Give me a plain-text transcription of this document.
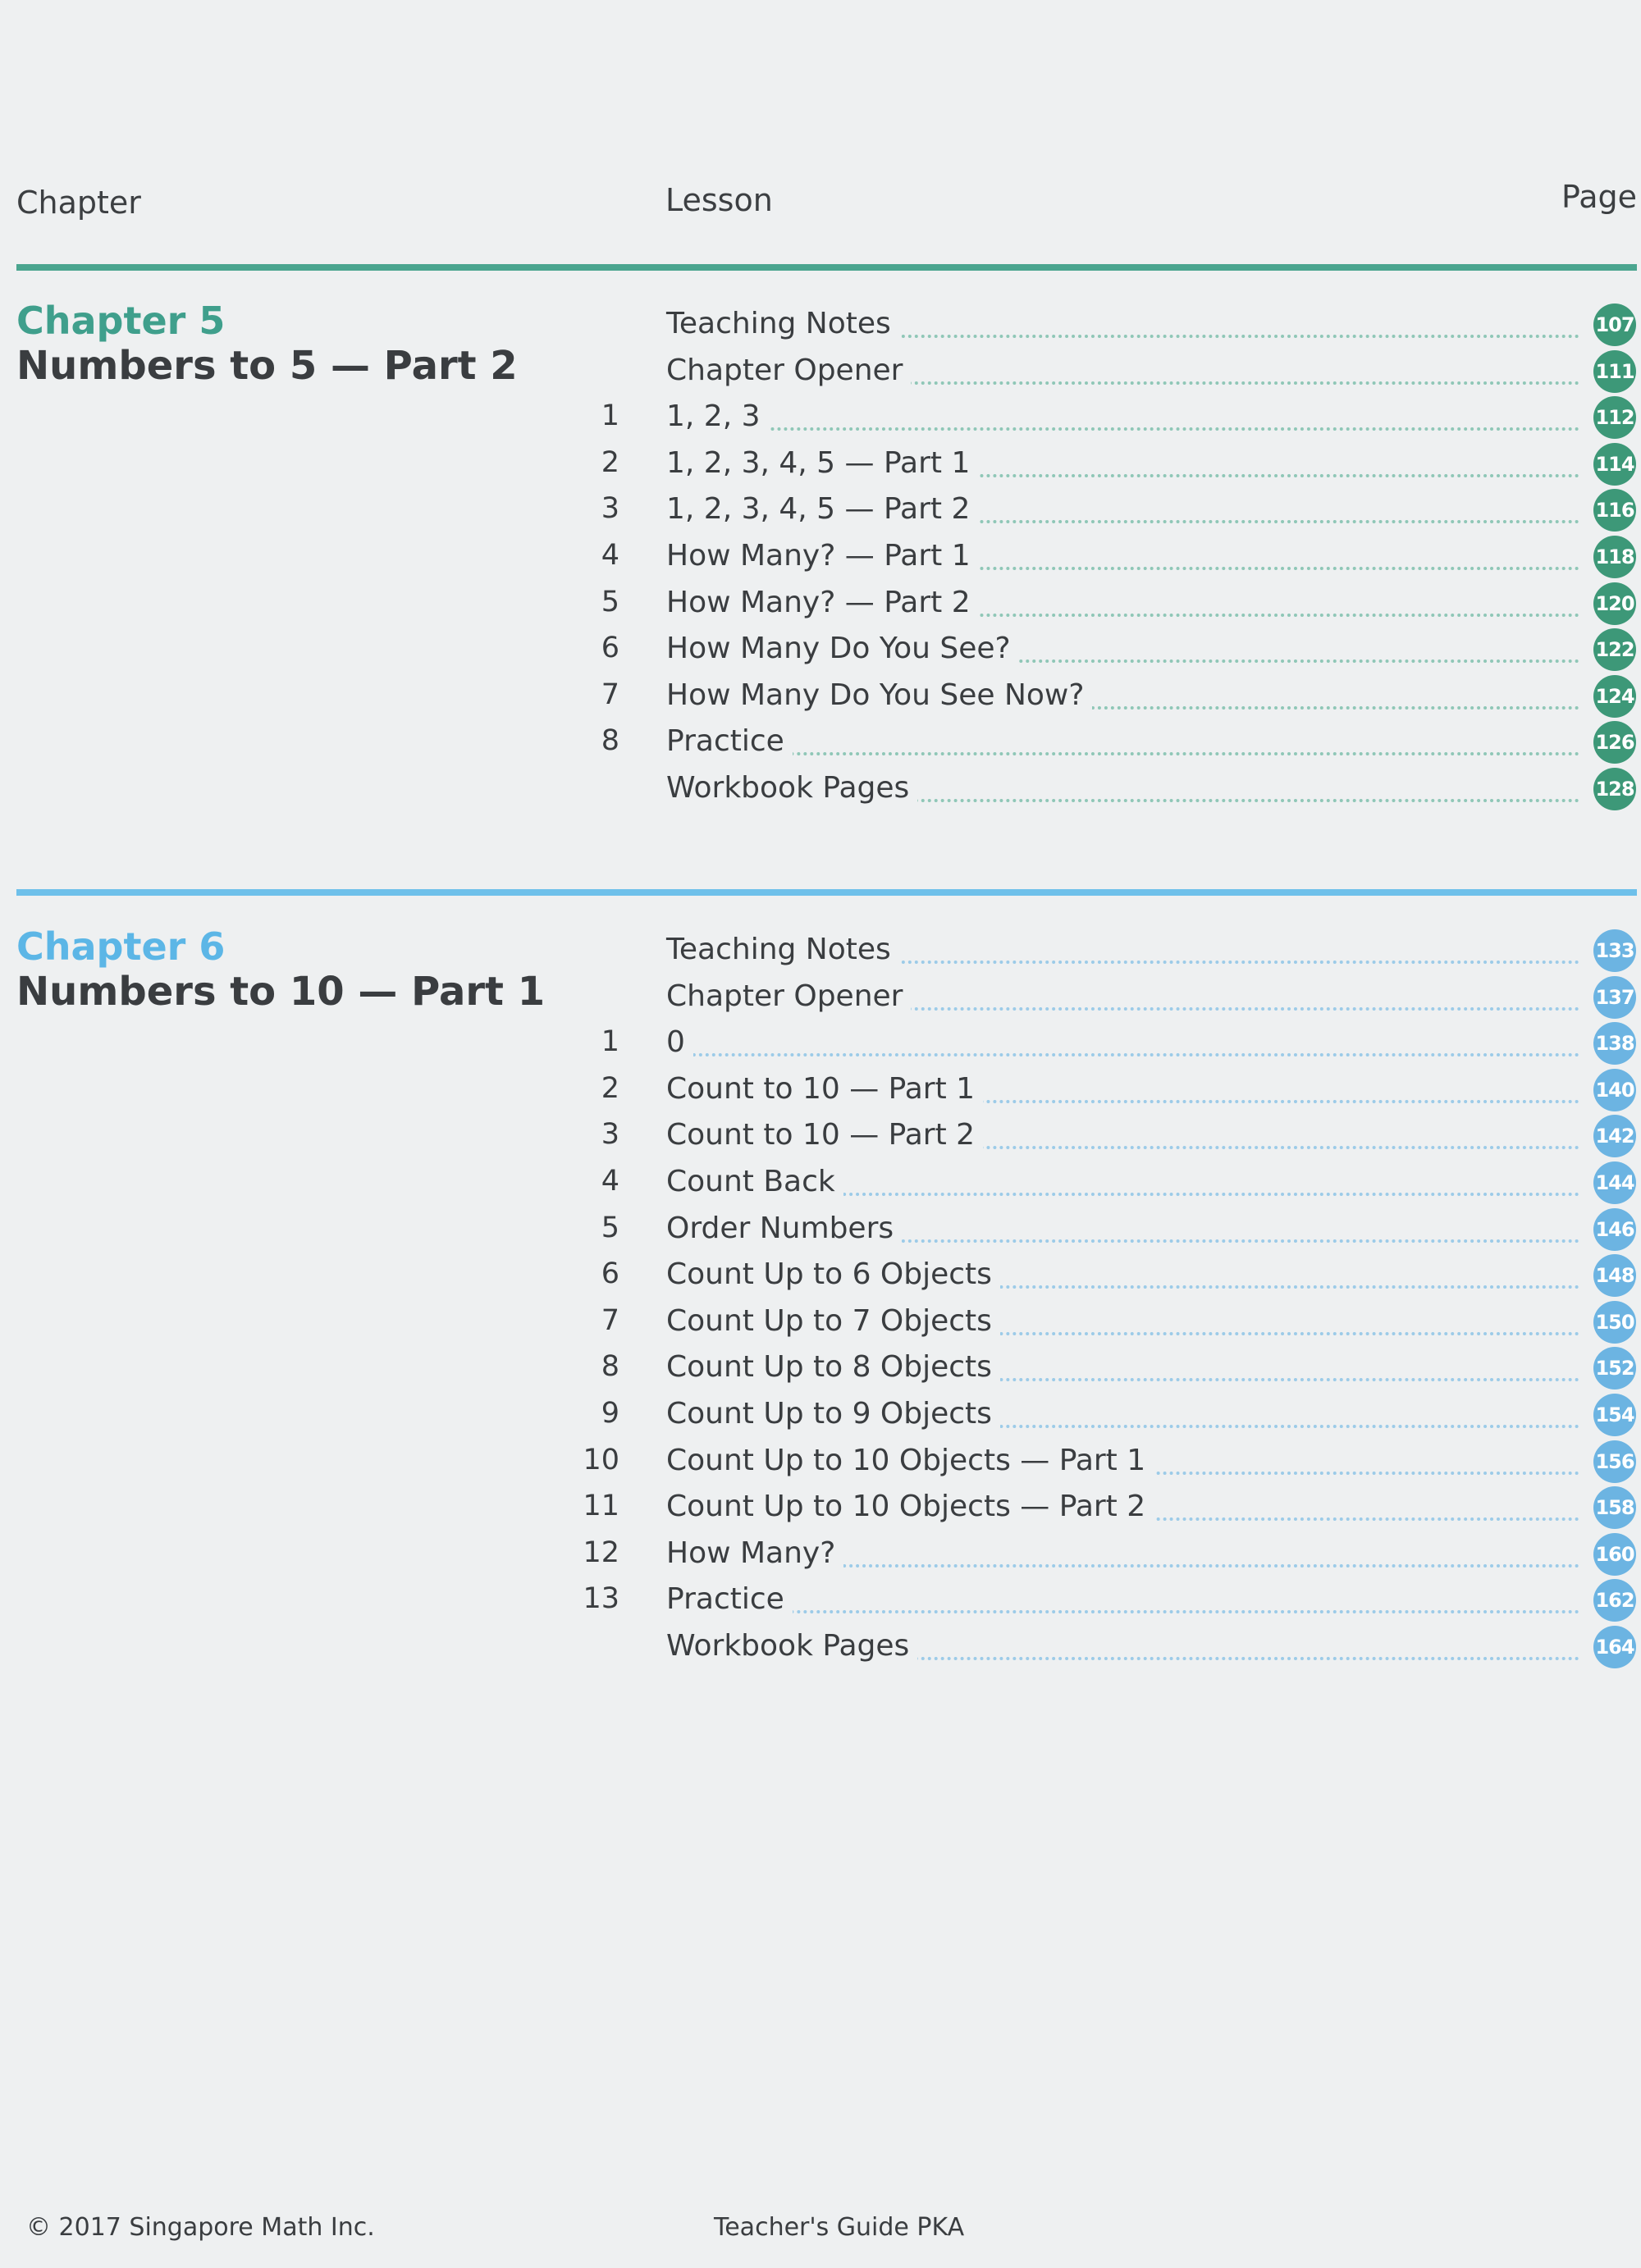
Chapter	Lesson	Page
Chapter 5
Numbers to 5 — Part 2
Teaching Notes	107
Chapter Opener	111
1 1, 2, 3	112
2 1, 2, 3, 4, 5 — Part 1	114
3 1, 2, 3, 4, 5 — Part 2	116
4 How Many? — Part 1	118
5 How Many? — Part 2	120
6 How Many Do You See?	122
7 How Many Do You See Now?	124
8 Practice	126
Workbook Pages	128
Chapter 6
Numbers to 10 — Part 1
Teaching Notes	133
Chapter Opener	137
1 0	138
2 Count to 10 — Part 1	140
3 Count to 10 — Part 2	142
4 Count Back	144
5 Order Numbers	146
6 Count Up to 6 Objects	148
7 Count Up to 7 Objects	150
8 Count Up to 8 Objects	152
9 Count Up to 9 Objects	154
10 Count Up to 10 Objects — Part 1	156
11 Count Up to 10 Objects — Part 2	158
12 How Many?	160
13 Practice	162
Workbook Pages	164
© 2017 Singapore Math Inc.	Teacher's Guide PKA
